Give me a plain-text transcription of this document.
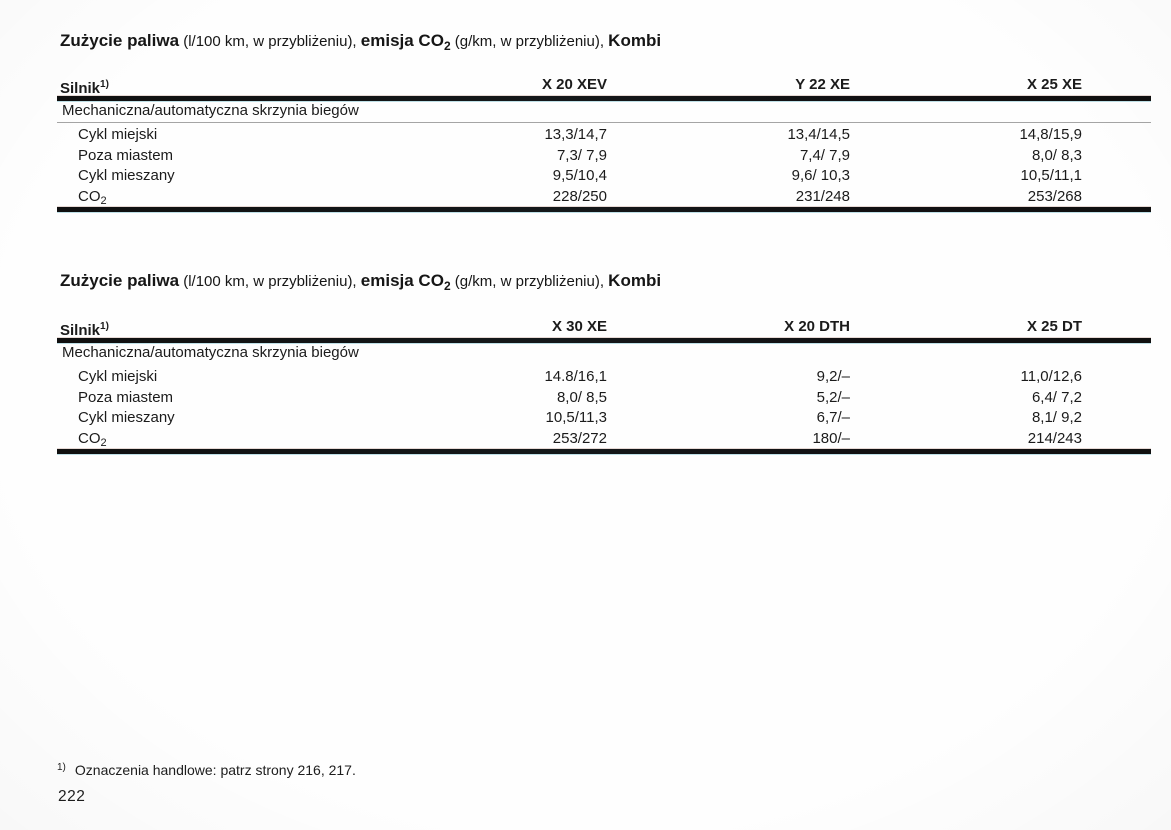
Zużycie paliwa (l/100 km, w przybliżeniu), emisja $CO_2$ (g/km, w przybliżeniu), Kombi
Silnik$^{1)}$	X 20 XEV	Y 22 XE	X 25 XE
Mechaniczna/automatyczna skrzynia biegów
Cykl miejski	13,3/14,7	13,4/14,5	14,8/15,9
Poza miastem	7,3/ 7,9	7,4/ 7,9	8,0/ 8,3
Cykl mieszany	9,5/10,4	9,6/ 10,3	10,5/11,1
$CO_2$	228/250	231/248	253/268
Zużycie paliwa (l/100 km, w przybliżeniu), emisja $CO_2$ (g/km, w przybliżeniu), Kombi
Silnik$^{1)}$	X 30 XE	X 20 DTH	X 25 DT
Mechaniczna/automatyczna skrzynia biegów
Cykl miejski	14.8/16,1	9,2/–	11,0/12,6
Poza miastem	8,0/ 8,5	5,2/–	6,4/ 7,2
Cykl mieszany	10,5/11,3	6,7/–	8,1/ 9,2
$CO_2$	253/272	180/–	214/243
$^{1)}$ Oznaczenia handlowe: patrz strony 216, 217.
222
